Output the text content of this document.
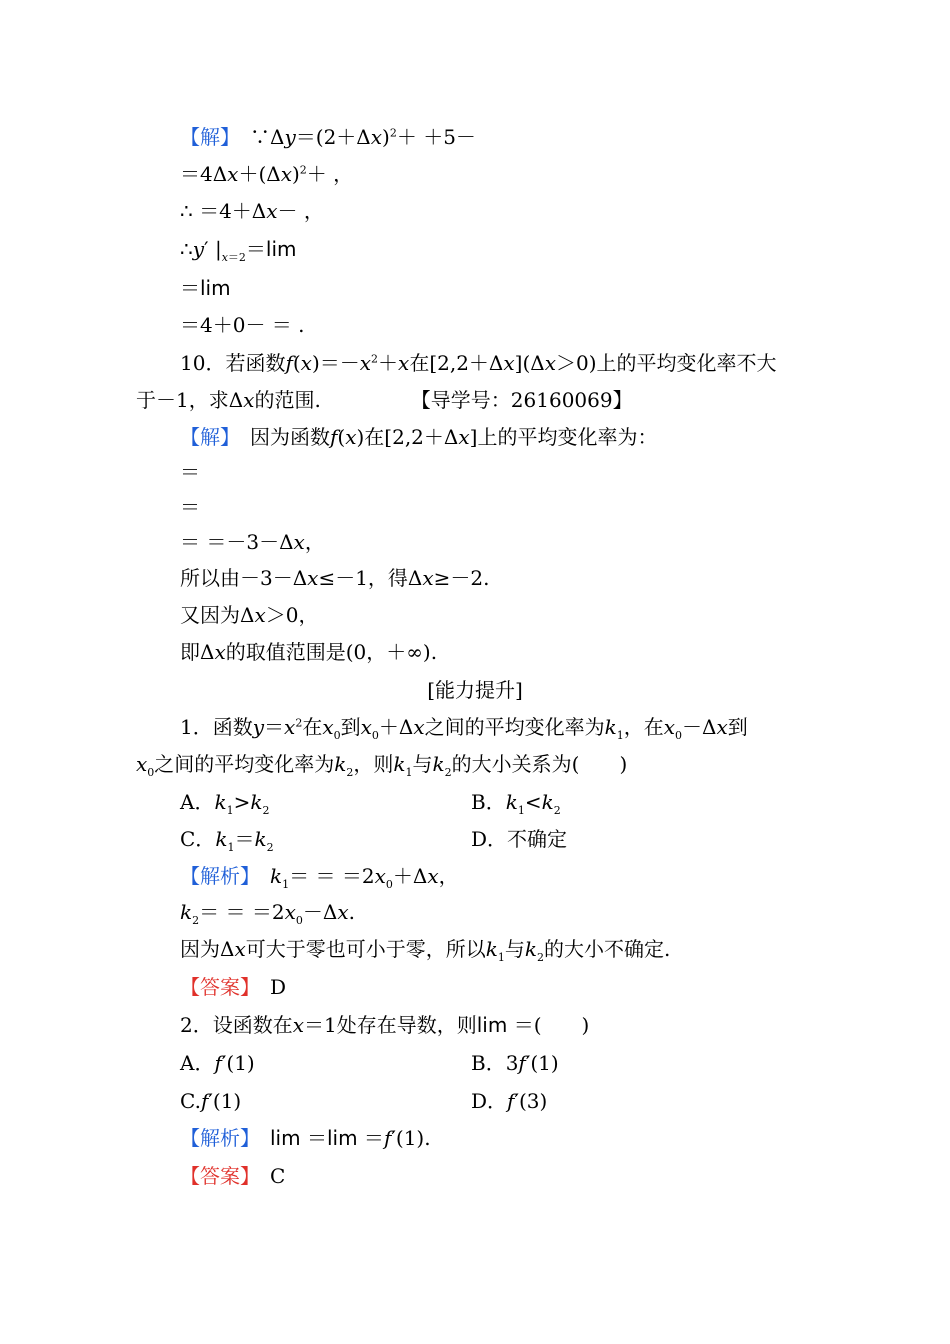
【解】　$\because\Delta y=(2+\Delta x)^2+ +5-$
$=4\Delta x+(\Delta x)^2+$ ，
∴ ＝4＋Δx－ ，
∴y′ $|_{x=2}=\lim$
＝lim
＝4＋0－ ＝ .
10．若函数$f(x)=-x^2+x$在[2,2＋Δx](Δx＞0)上的平均变化率不大
于－1，求Δx的范围.　　　　　【导学号：26160069】
【解】　因为函数f(x)在[2,2＋Δx]上的平均变化率为：
＝
＝
＝ ＝－3－Δx，
所以由－3－Δx≤－1，得Δx≥－2.
又因为Δx＞0，
即Δx的取值范围是(0，＋∞).
[能力提升]
1．函数$y=x^2$在$x_0$到$x_0+\Delta x$之间的平均变化率为$k_1$，在$x_0-\Delta x$到
$x_0$之间的平均变化率为$k_2$，则$k_1$与$k_2$的大小关系为(　　)
A．$k_1>k_2$	B．$k_1<k_2$
C．$k_1=k_2$	D．不确定
【解析】　 $k_1= = =2x_0+\Delta x$，
$k_2= = =2x_0-\Delta x$.
因为Δx可大于零也可小于零，所以$k_1$与$k_2$的大小不确定.
【答案】　D
2．设函数在x＝1处存在导数，则lim ＝(　　)
A．f′(1)	B．3f′(1)
C.f′(1)	D．f′(3)
【解析】　 lim ＝lim ＝f′(1).
【答案】　C
